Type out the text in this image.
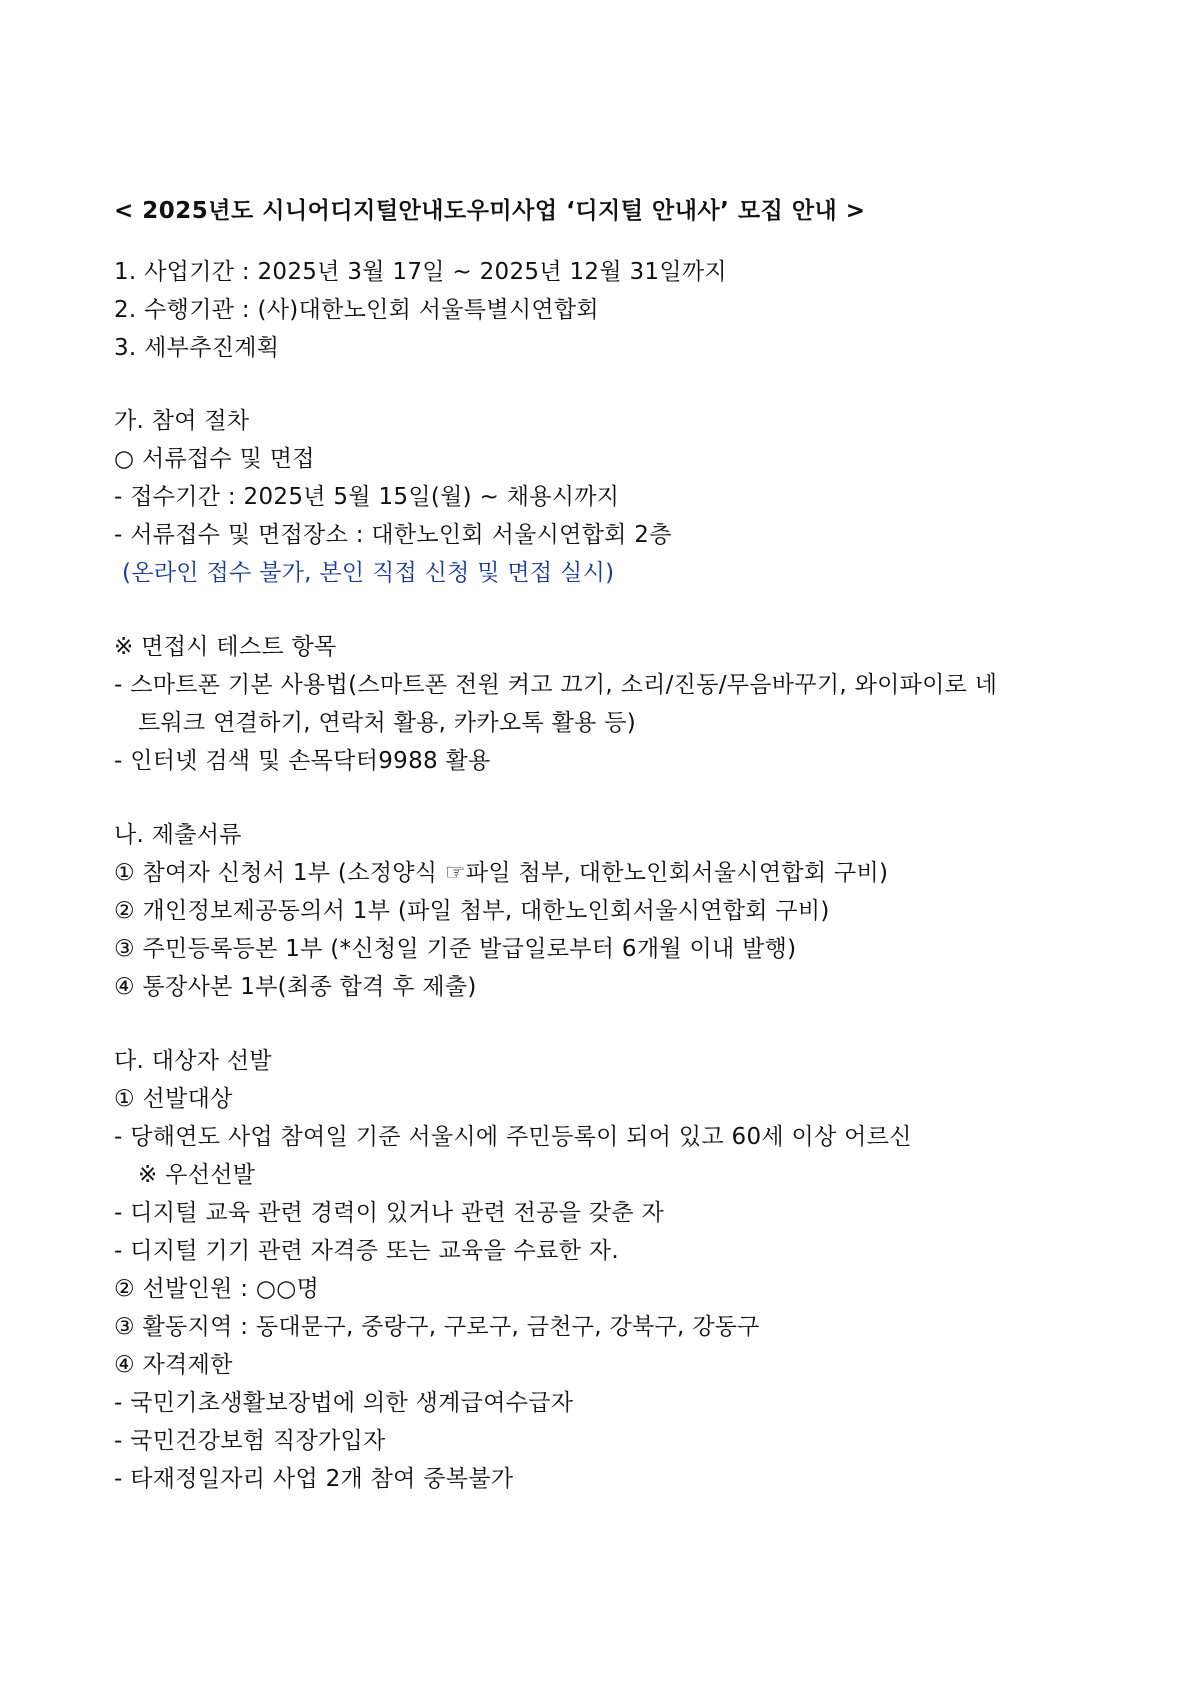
< 2025년도 시니어디지털안내도우미사업 ‘디지털 안내사’ 모집 안내 >
1. 사업기간 : 2025년 3월 17일 ~ 2025년 12월 31일까지
2. 수행기관 : (사)대한노인회 서울특별시연합회
3. 세부추진계획
가. 참여 절차
○ 서류접수 및 면접
- 접수기간 : 2025년 5월 15일(월) ~ 채용시까지
- 서류접수 및 면접장소 : 대한노인회 서울시연합회 2층
(온라인 접수 불가, 본인 직접 신청 및 면접 실시)
※ 면접시 테스트 항목
- 스마트폰 기본 사용법(스마트폰 전원 켜고 끄기, 소리/진동/무음바꾸기, 와이파이로 네
트워크 연결하기, 연락처 활용, 카카오톡 활용 등)
- 인터넷 검색 및 손목닥터9988 활용
나. 제출서류
① 참여자 신청서 1부 (소정양식 ☞파일 첨부, 대한노인회서울시연합회 구비)
② 개인정보제공동의서 1부 (파일 첨부, 대한노인회서울시연합회 구비)
③ 주민등록등본 1부 (*신청일 기준 발급일로부터 6개월 이내 발행)
④ 통장사본 1부(최종 합격 후 제출)
다. 대상자 선발
① 선발대상
- 당해연도 사업 참여일 기준 서울시에 주민등록이 되어 있고 60세 이상 어르신
※ 우선선발
- 디지털 교육 관련 경력이 있거나 관련 전공을 갖춘 자
- 디지털 기기 관련 자격증 또는 교육을 수료한 자.
② 선발인원 : ○○명
③ 활동지역 : 동대문구, 중랑구, 구로구, 금천구, 강북구, 강동구
④ 자격제한
- 국민기초생활보장법에 의한 생계급여수급자
- 국민건강보험 직장가입자
- 타재정일자리 사업 2개 참여 중복불가
